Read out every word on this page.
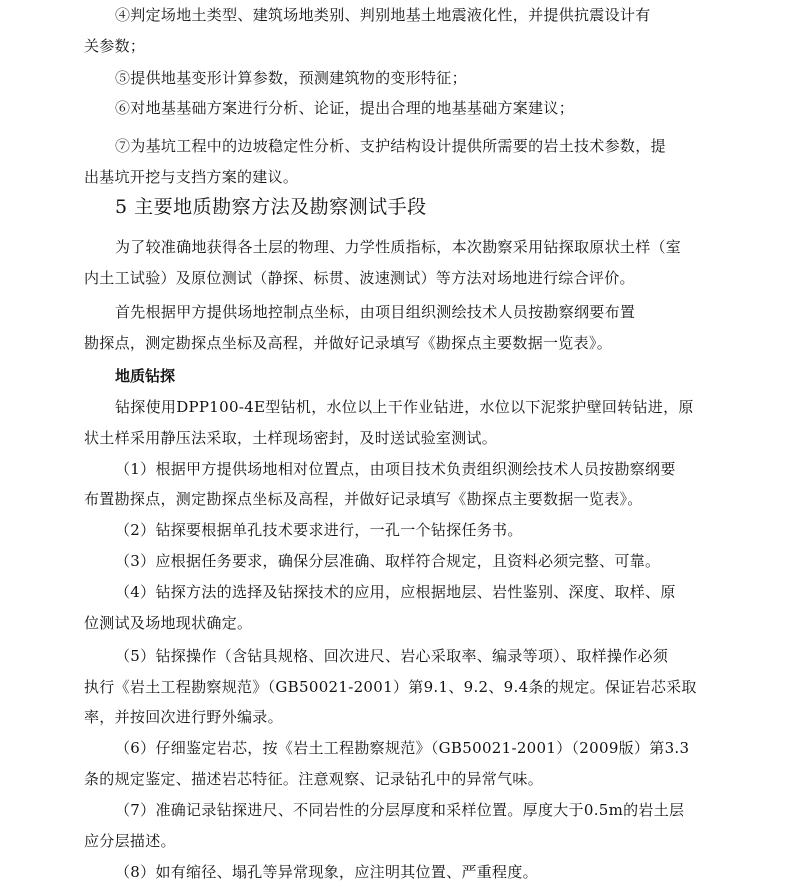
④判定场地土类型、建筑场地类别、判别地基土地震液化性，并提供抗震设计有
关参数；
⑤提供地基变形计算参数，预测建筑物的变形特征；
⑥对地基基础方案进行分析、论证，提出合理的地基基础方案建议；
⑦为基坑工程中的边坡稳定性分析、支护结构设计提供所需要的岩土技术参数，提
出基坑开挖与支挡方案的建议。
5 主要地质勘察方法及勘察测试手段
为了较准确地获得各土层的物理、力学性质指标，本次勘察采用钻探取原状土样（室
内土工试验）及原位测试（静探、标贯、波速测试）等方法对场地进行综合评价。
首先根据甲方提供场地控制点坐标，由项目组织测绘技术人员按勘察纲要布置
勘探点，测定勘探点坐标及高程，并做好记录填写《勘探点主要数据一览表》。
地质钻探
钻探使用DPP100-4E型钻机，水位以上干作业钻进，水位以下泥浆护壁回转钻进，原
状土样采用静压法采取，土样现场密封，及时送试验室测试。
（1）根据甲方提供场地相对位置点，由项目技术负责组织测绘技术人员按勘察纲要
布置勘探点，测定勘探点坐标及高程，并做好记录填写《勘探点主要数据一览表》。
（2）钻探要根据单孔技术要求进行，一孔一个钻探任务书。
（3）应根据任务要求，确保分层准确、取样符合规定，且资料必须完整、可靠。
（4）钻探方法的选择及钻探技术的应用，应根据地层、岩性鉴别、深度、取样、原
位测试及场地现状确定。
（5）钻探操作（含钻具规格、回次进尺、岩心采取率、编录等项）、取样操作必须
执行《岩土工程勘察规范》（GB50021-2001）第9.1、9.2、9.4条的规定。保证岩芯采取
率，并按回次进行野外编录。
（6）仔细鉴定岩芯，按《岩土工程勘察规范》（GB50021-2001）（2009版）第3.3
条的规定鉴定、描述岩芯特征。注意观察、记录钻孔中的异常气味。
（7）准确记录钻探进尺、不同岩性的分层厚度和采样位置。厚度大于0.5m的岩土层
应分层描述。
（8）如有缩径、塌孔等异常现象，应注明其位置、严重程度。
